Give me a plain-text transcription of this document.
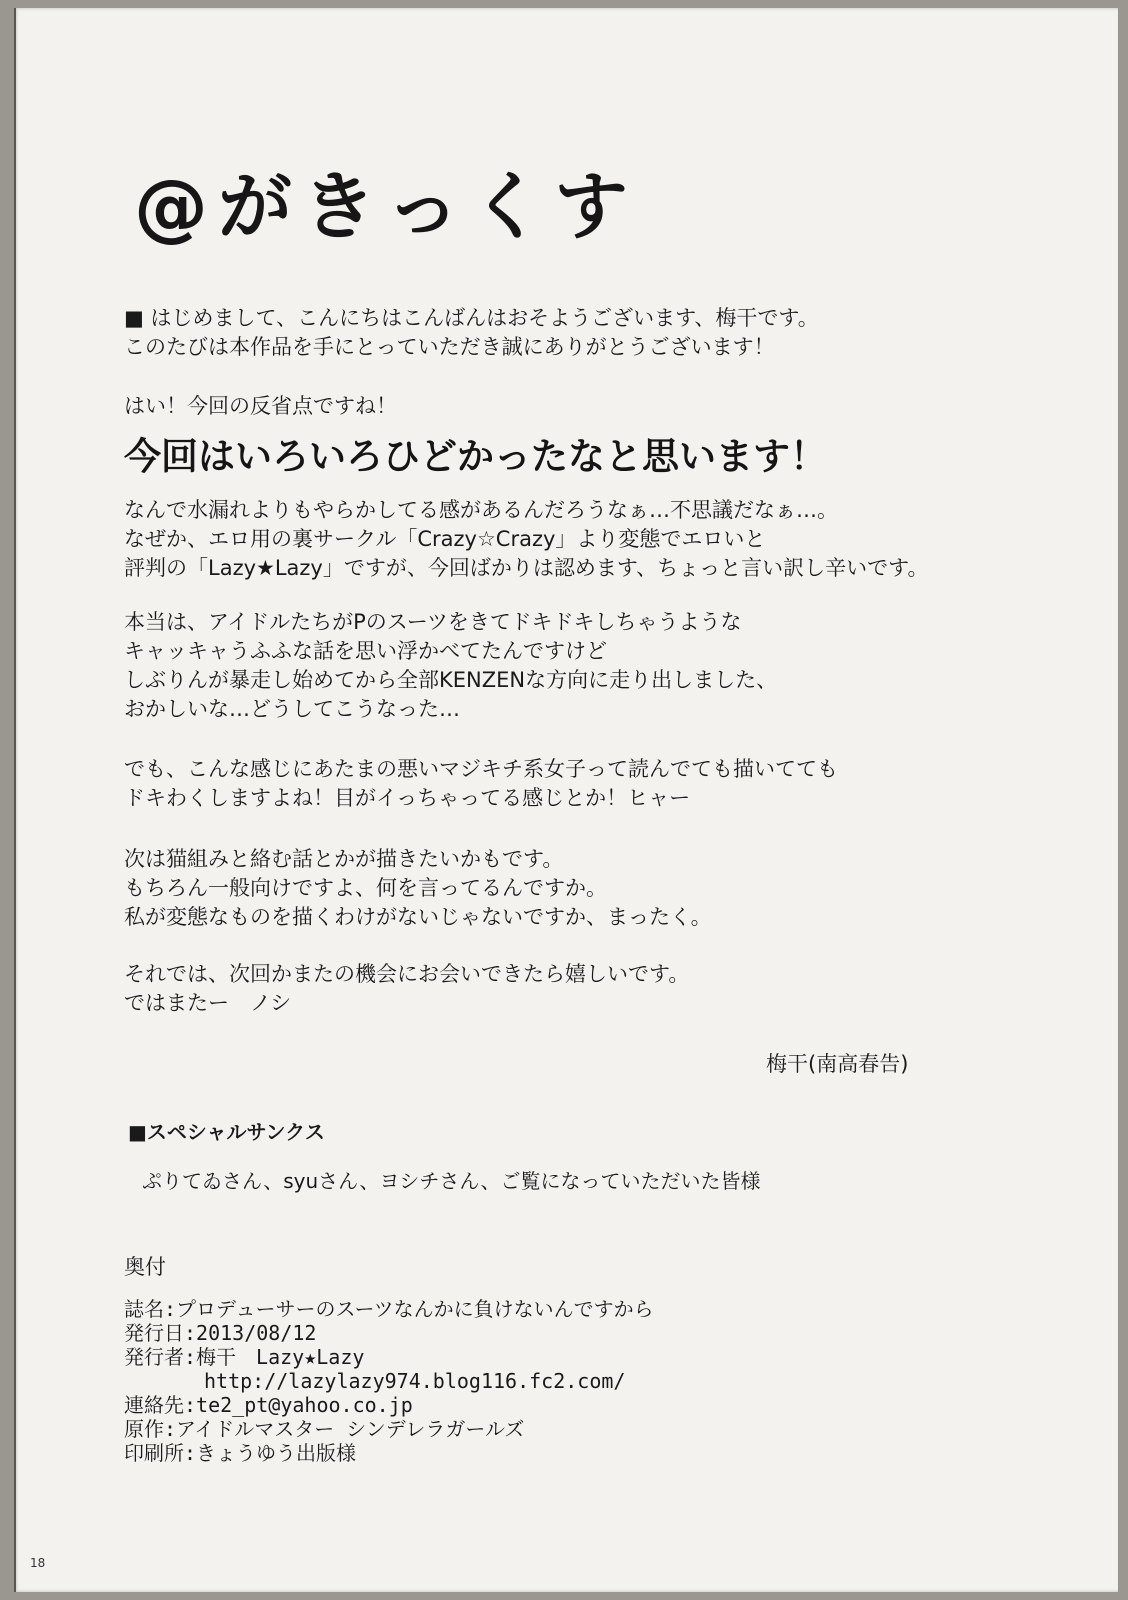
@がきっくす
■ はじめまして、こんにちはこんばんはおそようございます、梅干です。
このたびは本作品を手にとっていただき誠にありがとうございます！
はい！今回の反省点ですね！
今回はいろいろひどかったなと思います！
なんで水漏れよりもやらかしてる感があるんだろうなぁ…不思議だなぁ…。
なぜか、エロ用の裏サークル「Crazy☆Crazy」より変態でエロいと
評判の「Lazy★Lazy」ですが、今回ばかりは認めます、ちょっと言い訳し辛いです。
本当は、アイドルたちがPのスーツをきてドキドキしちゃうような
キャッキャうふふな話を思い浮かべてたんですけど
しぶりんが暴走し始めてから全部KENZENな方向に走り出しました、
おかしいな…どうしてこうなった…
でも、こんな感じにあたまの悪いマジキチ系女子って読んでても描いてても
ドキわくしますよね！目がイっちゃってる感じとか！ヒャー
次は猫組みと絡む話とかが描きたいかもです。
もちろん一般向けですよ、何を言ってるんですか。
私が変態なものを描くわけがないじゃないですか、まったく。
それでは、次回かまたの機会にお会いできたら嬉しいです。
ではまたー　ノシ
梅干(南高春告)
■スペシャルサンクス
ぷりてゐさん、syuさん、ヨシチさん、ご覧になっていただいた皆様
奥付
誌名:プロデューサーのスーツなんかに負けないんですから
発行日:2013/08/12
発行者:梅干　Lazy★Lazy
http://lazylazy974.blog116.fc2.com/
連絡先:te2_pt@yahoo.co.jp
原作:アイドルマスター シンデレラガールズ
印刷所:きょうゆう出版様
18
